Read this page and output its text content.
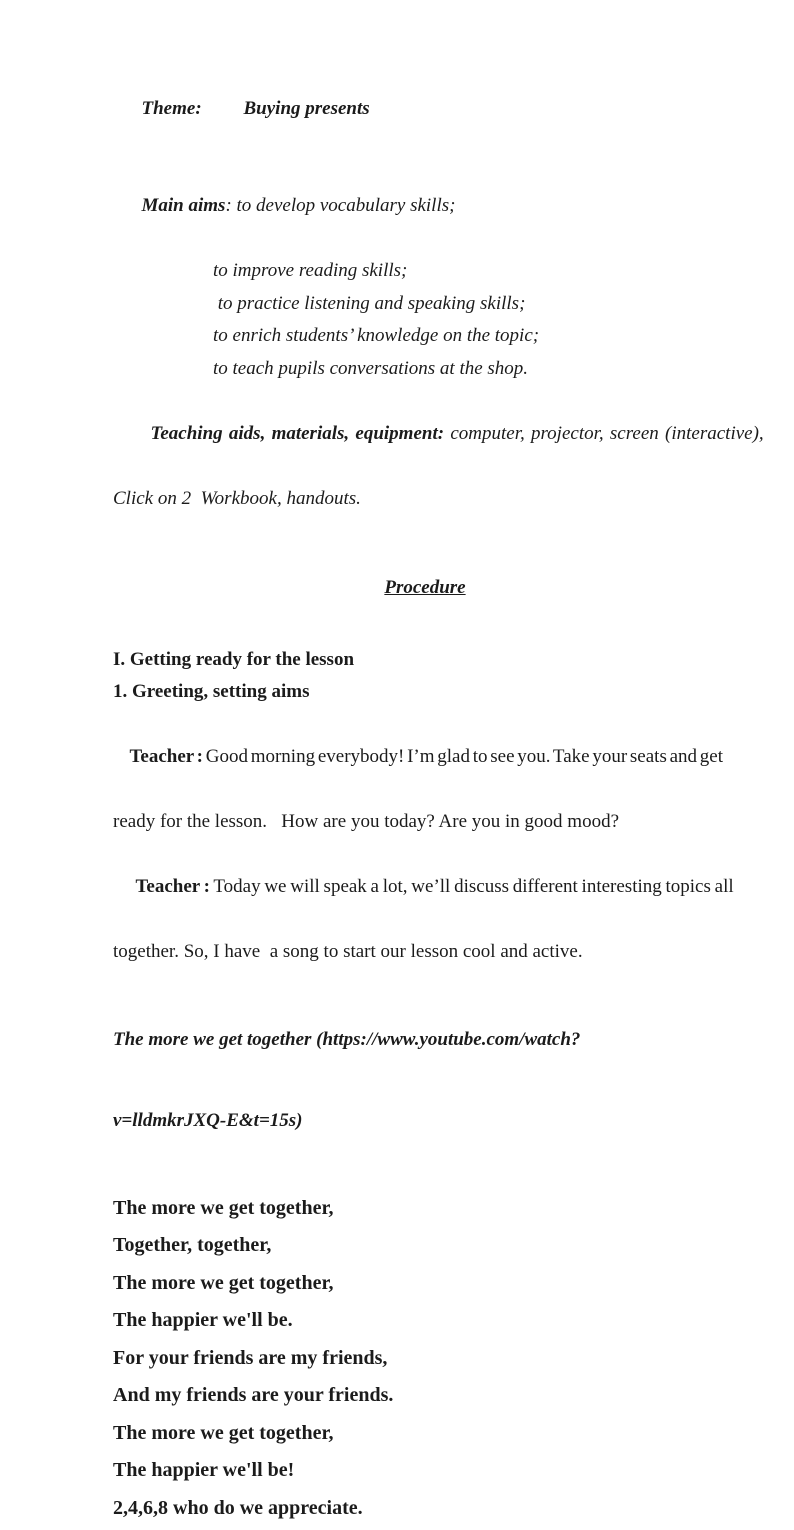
Theme: Buying presents

Main aims: to develop vocabulary skills;

to improve reading skills;
to practice listening and speaking skills;
to enrich students’ knowledge on the topic;
to teach pupils conversations at the shop.

Teaching aids, materials, equipment: computer, projector, screen (interactive),

Click on 2  Workbook, handouts.
Procedure
I. Getting ready for the lesson
1. Greeting, setting aims

Teacher : Good morning everybody! I’m glad to see you. Take your seats and get

ready for the lesson.   How are you today? Are you in good mood?

Teacher : Today we will speak a lot, we’ll discuss different interesting topics all

together. So, I have  a song to start our lesson cool and active.

The more we get together (https://www.youtube.com/watch?

v=lldmkrJXQ-E&t=15s)

The more we get together,
Together, together,
The more we get together,
The happier we'll be.
For your friends are my friends,
And my friends are your friends.
The more we get together,
The happier we'll be!
2,4,6,8 who do we appreciate.
